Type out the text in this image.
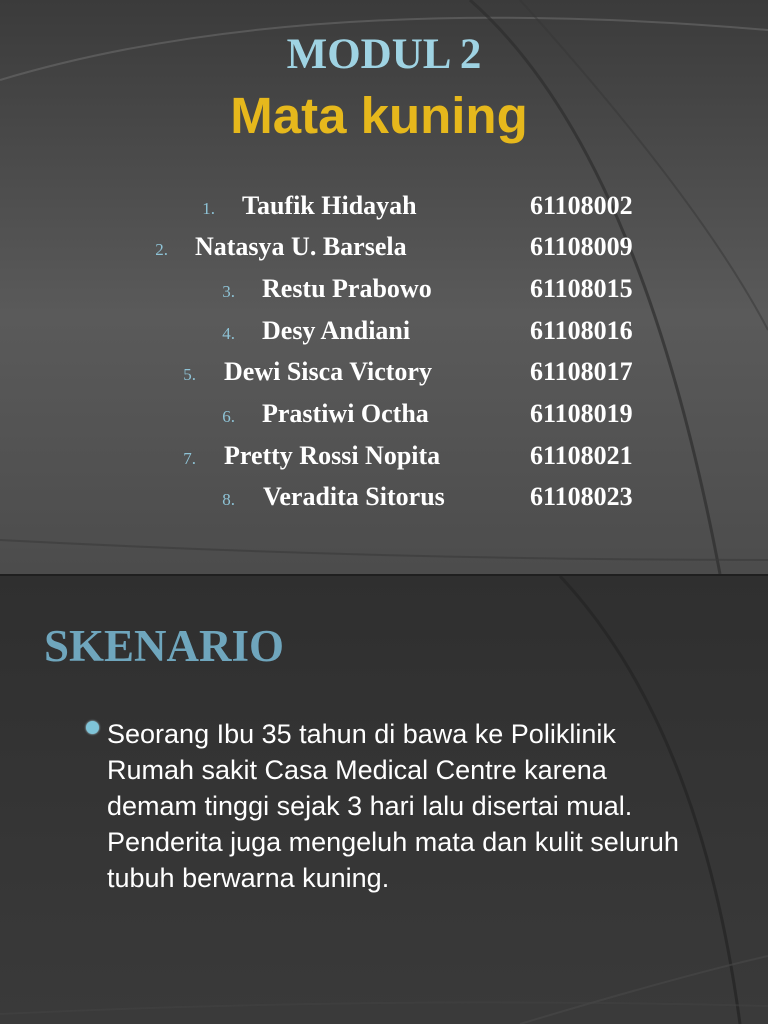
MODUL 2
Mata kuning
1. Taufik Hidayah	61108002
2. Natasya U. Barsela	61108009
3. Restu Prabowo	61108015
4. Desy Andiani	61108016
5. Dewi Sisca Victory	61108017
6. Prastiwi Octha	61108019
7. Pretty Rossi Nopita	61108021
8. Veradita Sitorus	61108023
SKENARIO
Seorang Ibu 35 tahun di bawa ke Poliklinik Rumah sakit Casa Medical Centre karena demam tinggi sejak 3 hari lalu disertai mual. Penderita juga mengeluh mata dan kulit seluruh tubuh berwarna kuning.
